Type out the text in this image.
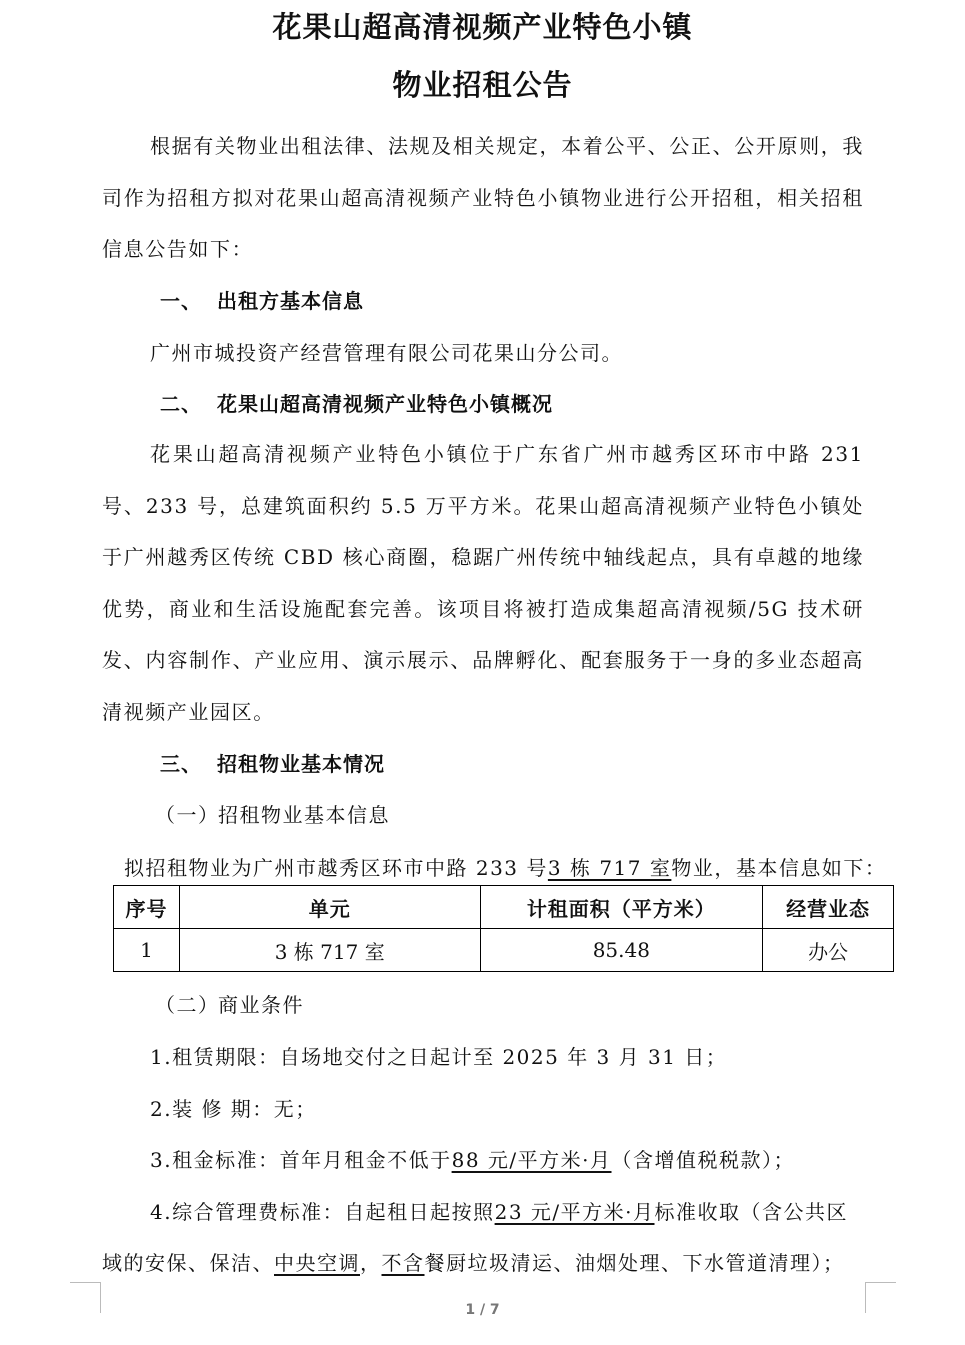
花果山超高清视频产业特色小镇
物业招租公告

根据有关物业出租法律、法规及相关规定，本着公平、公正、公开原则，我司作为招租方拟对花果山超高清视频产业特色小镇物业进行公开招租，相关招租信息公告如下：

一、 出租方基本信息
广州市城投资产经营管理有限公司花果山分公司。
二、 花果山超高清视频产业特色小镇概况

花果山超高清视频产业特色小镇位于广东省广州市越秀区环市中路 231 号、233 号，总建筑面积约 5.5 万平方米。花果山超高清视频产业特色小镇处于广州越秀区传统 CBD 核心商圈，稳踞广州传统中轴线起点，具有卓越的地缘优势，商业和生活设施配套完善。该项目将被打造成集超高清视频/5G 技术研发、内容制作、产业应用、演示展示、品牌孵化、配套服务于一身的多业态超高清视频产业园区。

三、 招租物业基本情况
（一）招租物业基本信息
拟招租物业为广州市越秀区环市中路 233 号3 栋 717 室物业，基本信息如下：
序号	单元	计租面积（平方米）	经营业态
1	3 栋 717 室	85.48	办公
（二）商业条件
1.租赁期限：自场地交付之日起计至 2025 年 3 月 31 日；
2.装 修 期：无；
3.租金标准：首年月租金不低于88 元/平方米·月（含增值税税款）；
4.综合管理费标准：自起租日起按照23 元/平方米·月标准收取（含公共区
域的安保、保洁、中央空调，不含餐厨垃圾清运、油烟处理、下水管道清理）；
1 / 7
